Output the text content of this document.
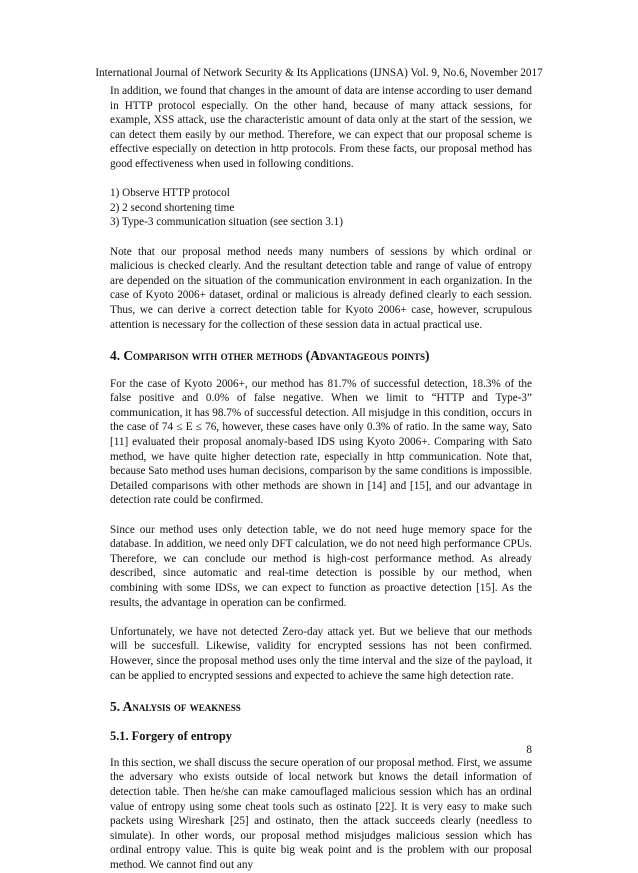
International Journal of Network Security & Its Applications (IJNSA) Vol. 9, No.6, November 2017

In addition, we found that changes in the amount of data are intense according to user demand in HTTP protocol especially. On the other hand, because of many attack sessions, for example, XSS attack, use the characteristic amount of data only at the start of the session, we can detect them easily by our method. Therefore, we can expect that our proposal scheme is effective especially on detection in http protocols. From these facts, our proposal method has good effectiveness when used in following conditions.

1) Observe HTTP protocol

2) 2 second shortening time

3) Type-3 communication situation (see section 3.1)

Note that our proposal method needs many numbers of sessions by which ordinal or malicious is checked clearly. And the resultant detection table and range of value of entropy are depended on the situation of the communication environment in each organization. In the case of Kyoto 2006+ dataset, ordinal or malicious is already defined clearly to each session. Thus, we can derive a correct detection table for Kyoto 2006+ case, however, scrupulous attention is necessary for the collection of these session data in actual practical use.

4. Comparison with other methods (Advantageous points)

For the case of Kyoto 2006+, our method has 81.7% of successful detection, 18.3% of the false positive and 0.0% of false negative. When we limit to “HTTP and Type-3” communication, it has 98.7% of successful detection. All misjudge in this condition, occurs in the case of 74 ≤ E ≤ 76, however, these cases have only 0.3% of ratio. In the same way, Sato [11] evaluated their proposal anomaly-based IDS using Kyoto 2006+. Comparing with Sato method, we have quite higher detection rate, especially in http communication. Note that, because Sato method uses human decisions, comparison by the same conditions is impossible. Detailed comparisons with other methods are shown in [14] and [15], and our advantage in detection rate could be confirmed.

Since our method uses only detection table, we do not need huge memory space for the database. In addition, we need only DFT calculation, we do not need high performance CPUs. Therefore, we can conclude our method is high-cost performance method. As already described, since automatic and real-time detection is possible by our method, when combining with some IDSs, we can expect to function as proactive detection [15]. As the results, the advantage in operation can be confirmed.

Unfortunately, we have not detected Zero-day attack yet. But we believe that our methods will be succesfull. Likewise, validity for encrypted sessions has not been confirmed. However, since the proposal method uses only the time interval and the size of the payload, it can be applied to encrypted sessions and expected to achieve the same high detection rate.

5. Analysis of weakness
5.1. Forgery of entropy

In this section, we shall discuss the secure operation of our proposal method. First, we assume the adversary who exists outside of local network but knows the detail information of detection table. Then he/she can make camouflaged malicious session which has an ordinal value of entropy using some cheat tools such as ostinato [22]. It is very easy to make such packets using Wireshark [25] and ostinato, then the attack succeeds clearly (needless to simulate). In other words, our proposal method misjudges malicious session which has ordinal entropy value. This is quite big weak point and is the problem with our proposal method. We cannot find out any

8
